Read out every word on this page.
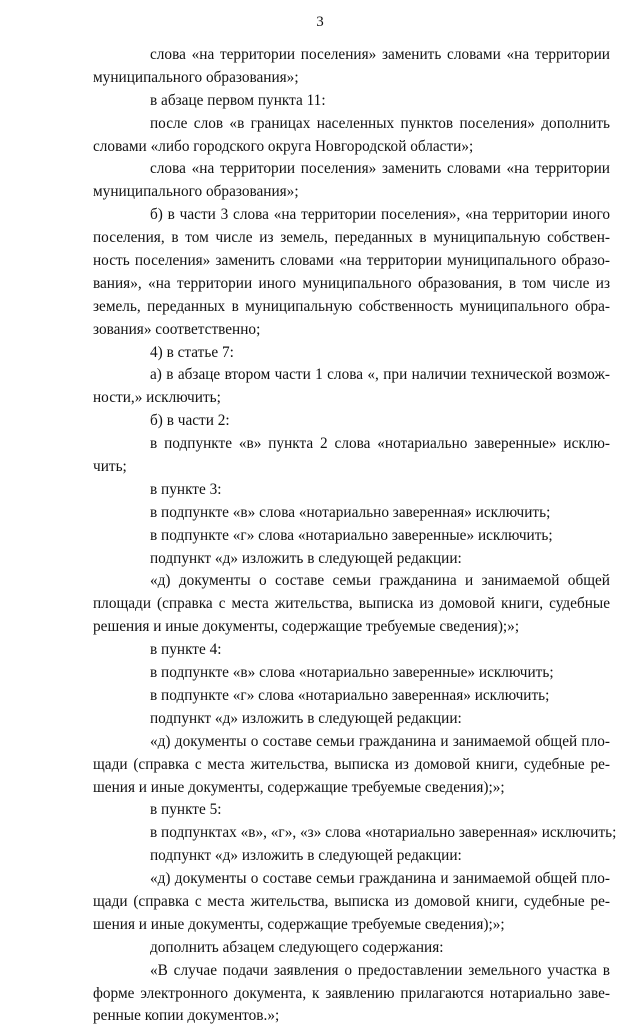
3
слова «на территории поселения» заменить словами «на территории
муниципального образования»;
в абзаце первом пункта 11:
после слов «в границах населенных пунктов поселения» дополнить
словами «либо городского округа Новгородской области»;
слова «на территории поселения» заменить словами «на территории
муниципального образования»;
б) в части 3 слова «на территории поселения», «на территории иного
поселения, в том числе из земель, переданных в муниципальную собствен-
ность поселения» заменить словами «на территории муниципального образо-
вания», «на территории иного муниципального образования, в том числе из
земель, переданных в муниципальную собственность муниципального обра-
зования» соответственно;
4) в статье 7:
а) в абзаце втором части 1 слова «, при наличии технической возмож-
ности,» исключить;
б) в части 2:
в подпункте «в» пункта 2 слова «нотариально заверенные» исклю-
чить;
в пункте 3:
в подпункте «в» слова «нотариально заверенная» исключить;
в подпункте «г» слова «нотариально заверенные» исключить;
подпункт «д» изложить в следующей редакции:
«д) документы о составе семьи гражданина и занимаемой общей
площади (справка с места жительства, выписка из домовой книги, судебные
решения и иные документы, содержащие требуемые сведения);»;
в пункте 4:
в подпункте «в» слова «нотариально заверенные» исключить;
в подпункте «г» слова «нотариально заверенная» исключить;
подпункт «д» изложить в следующей редакции:
«д) документы о составе семьи гражданина и занимаемой общей пло-
щади (справка с места жительства, выписка из домовой книги, судебные ре-
шения и иные документы, содержащие требуемые сведения);»;
в пункте 5:
в подпунктах «в», «г», «з» слова «нотариально заверенная» исключить;
подпункт «д» изложить в следующей редакции:
«д) документы о составе семьи гражданина и занимаемой общей пло-
щади (справка с места жительства, выписка из домовой книги, судебные ре-
шения и иные документы, содержащие требуемые сведения);»;
дополнить абзацем следующего содержания:
«В случае подачи заявления о предоставлении земельного участка в
форме электронного документа, к заявлению прилагаются нотариально заве-
ренные копии документов.»;
